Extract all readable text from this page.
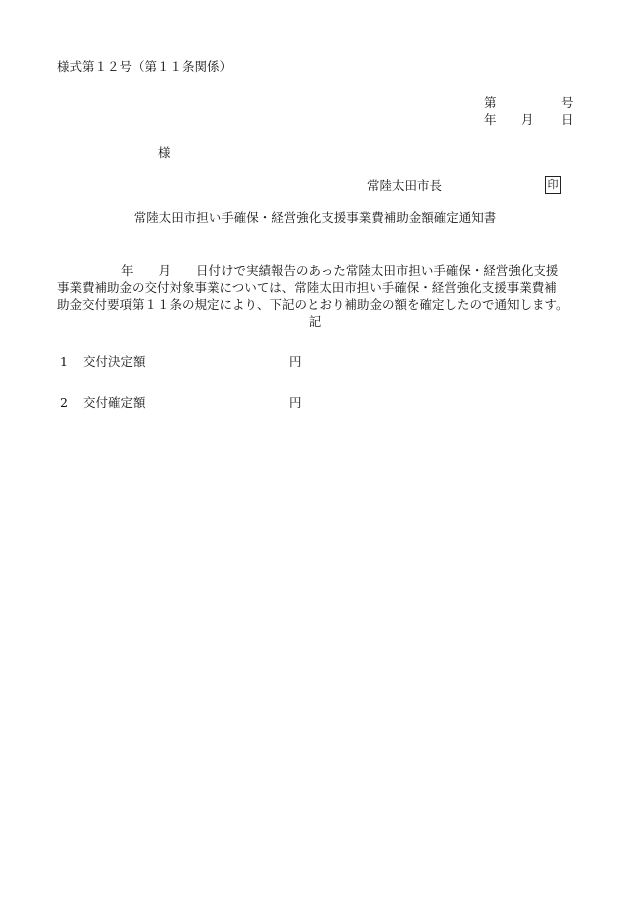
様式第１２号（第１１条関係）
第	号
年 月 日
様
常陸太田市長	印
常陸太田市担い手確保・経営強化支援事業費補助金額確定通知書

年　　月　　日付けで実績報告のあった常陸太田市担い手確保・経営強化支援

事業費補助金の交付対象事業については、常陸太田市担い手確保・経営強化支援事業費補

助金交付要項第１１条の規定により、下記のとおり補助金の額を確定したので通知します。

記
1 交付決定額	円
2 交付確定額	円
